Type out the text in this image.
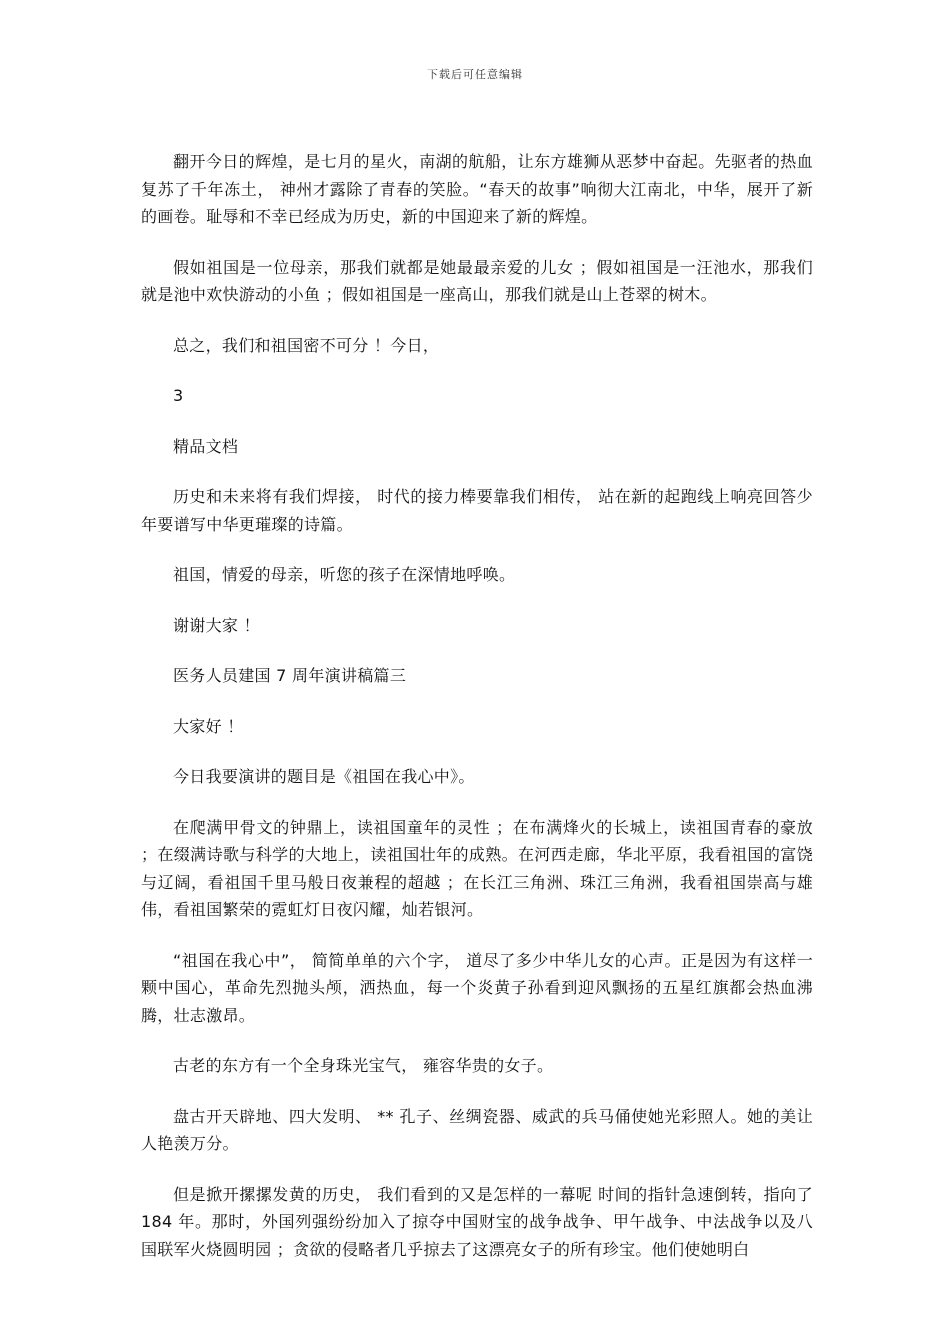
下载后可任意编辑

翻开今日的辉煌，是七月的星火，南湖的航船，让东方雄狮从恶梦中奋起。先驱者的热血复苏了千年冻土， 神州才露除了青春的笑脸。“春天的故事”响彻大江南北，中华，展开了新的画卷。耻辱和不幸已经成为历史，新的中国迎来了新的辉煌。

假如祖国是一位母亲，那我们就都是她最最亲爱的儿女 ；假如祖国是一汪池水，那我们就是池中欢快游动的小鱼 ；假如祖国是一座高山，那我们就是山上苍翠的树木。

总之，我们和祖国密不可分 ！今日，

3

精品文档

历史和未来将有我们焊接， 时代的接力棒要靠我们相传， 站在新的起跑线上响亮回答少年要谱写中华更璀璨的诗篇。

祖国，情爱的母亲，听您的孩子在深情地呼唤。

谢谢大家 ！

医务人员建国 7 周年演讲稿篇三

大家好 ！

今日我要演讲的题目是《祖国在我心中》。

在爬满甲骨文的钟鼎上，读祖国童年的灵性 ；在布满烽火的长城上，读祖国青春的豪放 ；在缀满诗歌与科学的大地上，读祖国壮年的成熟。在河西走廊，华北平原，我看祖国的富饶与辽阔，看祖国千里马般日夜兼程的超越 ；在长江三角洲、珠江三角洲，我看祖国崇高与雄伟，看祖国繁荣的霓虹灯日夜闪耀，灿若银河。

“祖国在我心中”， 简简单单的六个字， 道尽了多少中华儿女的心声。正是因为有这样一颗中国心，革命先烈抛头颅，洒热血，每一个炎黄子孙看到迎风飘扬的五星红旗都会热血沸腾，壮志激昂。

古老的东方有一个全身珠光宝气， 雍容华贵的女子。

盘古开天辟地、四大发明、 ** 孔子、丝绸瓷器、威武的兵马俑使她光彩照人。她的美让人艳羡万分。

但是掀开摞摞发黄的历史， 我们看到的又是怎样的一幕呢 时间的指针急速倒转，指向了 184 年。那时，外国列强纷纷加入了掠夺中国财宝的战争战争、甲午战争、中法战争以及八国联军火烧圆明园 ；贪欲的侵略者几乎掠去了这漂亮女子的所有珍宝。他们使她明白
